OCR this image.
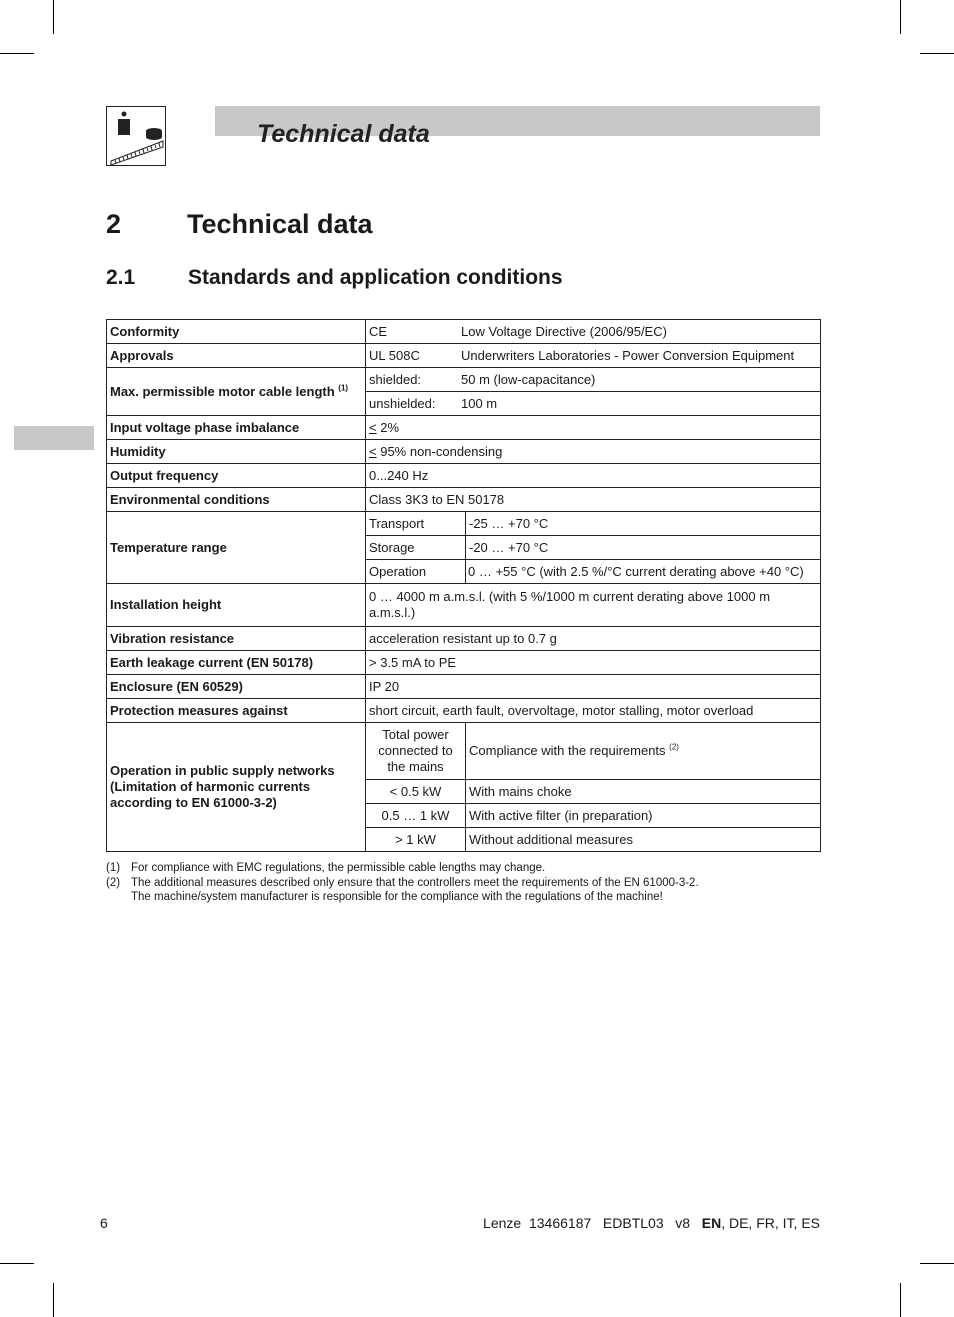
Technical data
2 Technical data
2.1	Standards and application conditions
Conformity	CE Low Voltage Directive (2006/95/EC)	
Approvals	UL 508C Underwriters Laboratories - Power Conversion Equipment	
Max. permissible motor cable length $^{(1)}$	shielded: 50 m (low-capacitance)	
	unshielded: 100 m	
Input voltage phase imbalance	≤ 2%	
Humidity	≤ 95% non-condensing	
Output frequency	0...240 Hz	
Environmental conditions	Class 3K3 to EN 50178	
Temperature range	Transport	-25 … +70 °C
	Storage	-20 … +70 °C
	Operation	0 … +55 °C (with 2.5 %/°C current derating above +40 °C)
Installation height	0 … 4000 m a.m.s.l. (with 5 %/1000 m current derating above 1000 m a.m.s.l.)	
Vibration resistance	acceleration resistant up to 0.7 g	
Earth leakage current (EN 50178)	> 3.5 mA to PE	
Enclosure (EN 60529)	IP 20	
Protection measures against	short circuit, earth fault, overvoltage, motor stalling, motor overload	
Operation in public supply networks (Limitation of harmonic currents according to EN 61000-3-2)	Total power connected to the mains	Compliance with the requirements $^{(2)}$
	< 0.5 kW	With mains choke
	0.5 … 1 kW	With active filter (in preparation)
	> 1 kW	Without additional measures
(1) For compliance with EMC regulations, the permissible cable lengths may change.
(2) The additional measures described only ensure that the controllers meet the requirements of the EN 61000-3-2.
The machine/system manufacturer is responsible for the compliance with the regulations of the machine!
6	Lenze  13466187   EDBTL03   v8   EN, DE, FR, IT, ES
